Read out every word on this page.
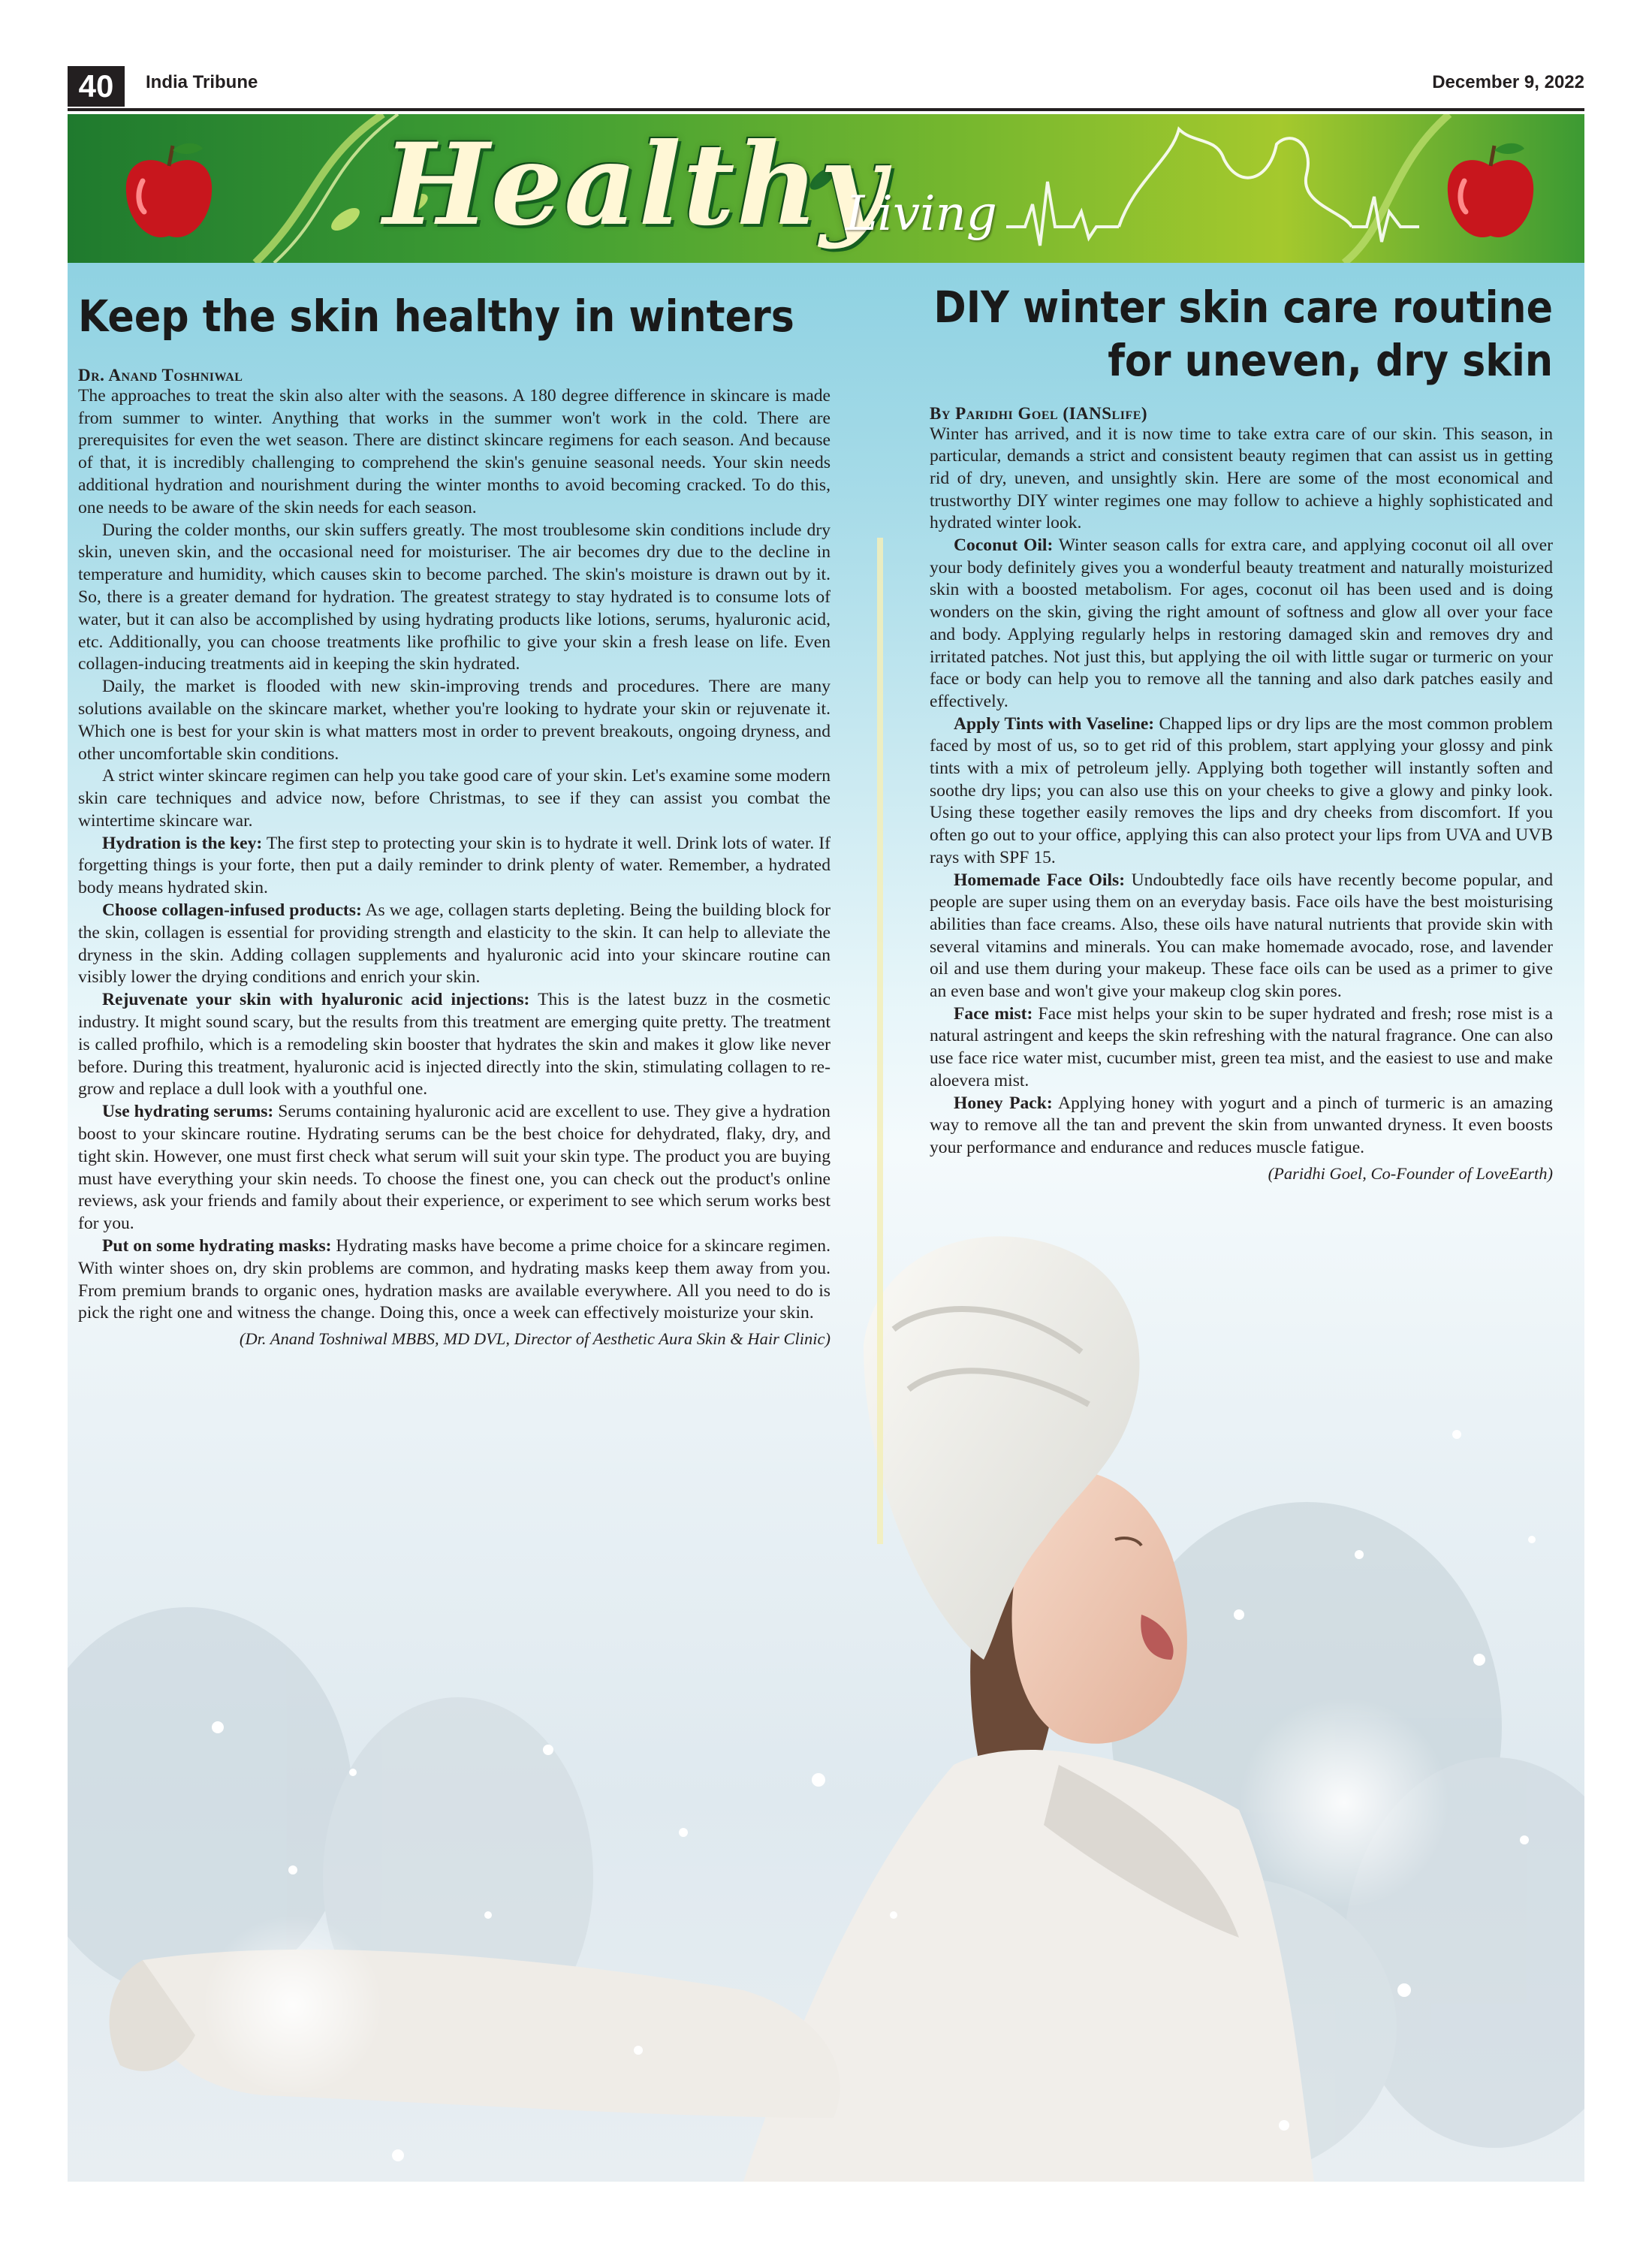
40	India Tribune	December 9, 2022
Healthy
Living
Keep the skin healthy in winters
Dr. Anand Toshniwal

The approaches to treat the skin also alter with the seasons. A 180 degree difference in skincare is made from summer to winter. Anything that works in the summer won't work in the cold. There are prerequisites for even the wet season. There are distinct skincare regimens for each season. And because of that, it is incredibly challenging to comprehend the skin's genuine seasonal needs. Your skin needs additional hydration and nourishment during the winter months to avoid becoming cracked. To do this, one needs to be aware of the skin needs for each season.

During the colder months, our skin suffers greatly. The most troublesome skin conditions include dry skin, uneven skin, and the occasional need for moisturiser. The air becomes dry due to the decline in temperature and humidity, which causes skin to become parched. The skin's moisture is drawn out by it. So, there is a greater demand for hydration. The greatest strategy to stay hydrated is to consume lots of water, but it can also be accomplished by using hydrating products like lotions, serums, hyaluronic acid, etc. Additionally, you can choose treatments like profhilic to give your skin a fresh lease on life. Even collagen-inducing treatments aid in keeping the skin hydrated.

Daily, the market is flooded with new skin-improving trends and procedures. There are many solutions available on the skincare market, whether you're looking to hydrate your skin or rejuvenate it. Which one is best for your skin is what matters most in order to prevent breakouts, ongoing dryness, and other uncomfortable skin conditions.

A strict winter skincare regimen can help you take good care of your skin. Let's examine some modern skin care techniques and advice now, before Christmas, to see if they can assist you combat the wintertime skincare war.

Hydration is the key: The first step to protecting your skin is to hydrate it well. Drink lots of water. If forgetting things is your forte, then put a daily reminder to drink plenty of water. Remember, a hydrated body means hydrated skin.

Choose collagen-infused products: As we age, collagen starts depleting. Being the building block for the skin, collagen is essential for providing strength and elasticity to the skin. It can help to alleviate the dryness in the skin. Adding collagen supplements and hyaluronic acid into your skincare routine can visibly lower the drying conditions and enrich your skin.

Rejuvenate your skin with hyaluronic acid injections: This is the latest buzz in the cosmetic industry. It might sound scary, but the results from this treatment are emerging quite pretty. The treatment is called profhilo, which is a remodeling skin booster that hydrates the skin and makes it glow like never before. During this treatment, hyaluronic acid is injected directly into the skin, stimulating collagen to re-grow and replace a dull look with a youthful one.

Use hydrating serums: Serums containing hyaluronic acid are excellent to use. They give a hydration boost to your skincare routine. Hydrating serums can be the best choice for dehydrated, flaky, dry, and tight skin. However, one must first check what serum will suit your skin type. The product you are buying must have everything your skin needs. To choose the finest one, you can check out the product's online reviews, ask your friends and family about their experience, or experiment to see which serum works best for you.

Put on some hydrating masks: Hydrating masks have become a prime choice for a skincare regimen. With winter shoes on, dry skin problems are common, and hydrating masks keep them away from you. From premium brands to organic ones, hydration masks are available everywhere. All you need to do is pick the right one and witness the change. Doing this, once a week can effectively moisturize your skin.

(Dr. Anand Toshniwal MBBS, MD DVL, Director of Aesthetic Aura Skin & Hair Clinic)
DIY winter skin care routine for uneven, dry skin
By Paridhi Goel (IANSlife)

Winter has arrived, and it is now time to take extra care of our skin. This season, in particular, demands a strict and consistent beauty regimen that can assist us in getting rid of dry, uneven, and unsightly skin. Here are some of the most economical and trustworthy DIY winter regimes one may follow to achieve a highly sophisticated and hydrated winter look.

Coconut Oil: Winter season calls for extra care, and applying coconut oil all over your body definitely gives you a wonderful beauty treatment and naturally moisturized skin with a boosted metabolism. For ages, coconut oil has been used and is doing wonders on the skin, giving the right amount of softness and glow all over your face and body. Applying regularly helps in restoring damaged skin and removes dry and irritated patches. Not just this, but applying the oil with little sugar or turmeric on your face or body can help you to remove all the tanning and also dark patches easily and effectively.

Apply Tints with Vaseline: Chapped lips or dry lips are the most common problem faced by most of us, so to get rid of this problem, start applying your glossy and pink tints with a mix of petroleum jelly. Applying both together will instantly soften and soothe dry lips; you can also use this on your cheeks to give a glowy and pinky look. Using these together easily removes the lips and dry cheeks from discomfort. If you often go out to your office, applying this can also protect your lips from UVA and UVB rays with SPF 15.

Homemade Face Oils: Undoubtedly face oils have recently become popular, and people are super using them on an everyday basis. Face oils have the best moisturising abilities than face creams. Also, these oils have natural nutrients that provide skin with several vitamins and minerals. You can make homemade avocado, rose, and lavender oil and use them during your makeup. These face oils can be used as a primer to give an even base and won't give your makeup clog skin pores.

Face mist: Face mist helps your skin to be super hydrated and fresh; rose mist is a natural astringent and keeps the skin refreshing with the natural fragrance. One can also use face rice water mist, cucumber mist, green tea mist, and the easiest to use and make aloevera mist.

Honey Pack: Applying honey with yogurt and a pinch of turmeric is an amazing way to remove all the tan and prevent the skin from unwanted dryness. It even boosts your performance and endurance and reduces muscle fatigue.

(Paridhi Goel, Co-Founder of LoveEarth)
